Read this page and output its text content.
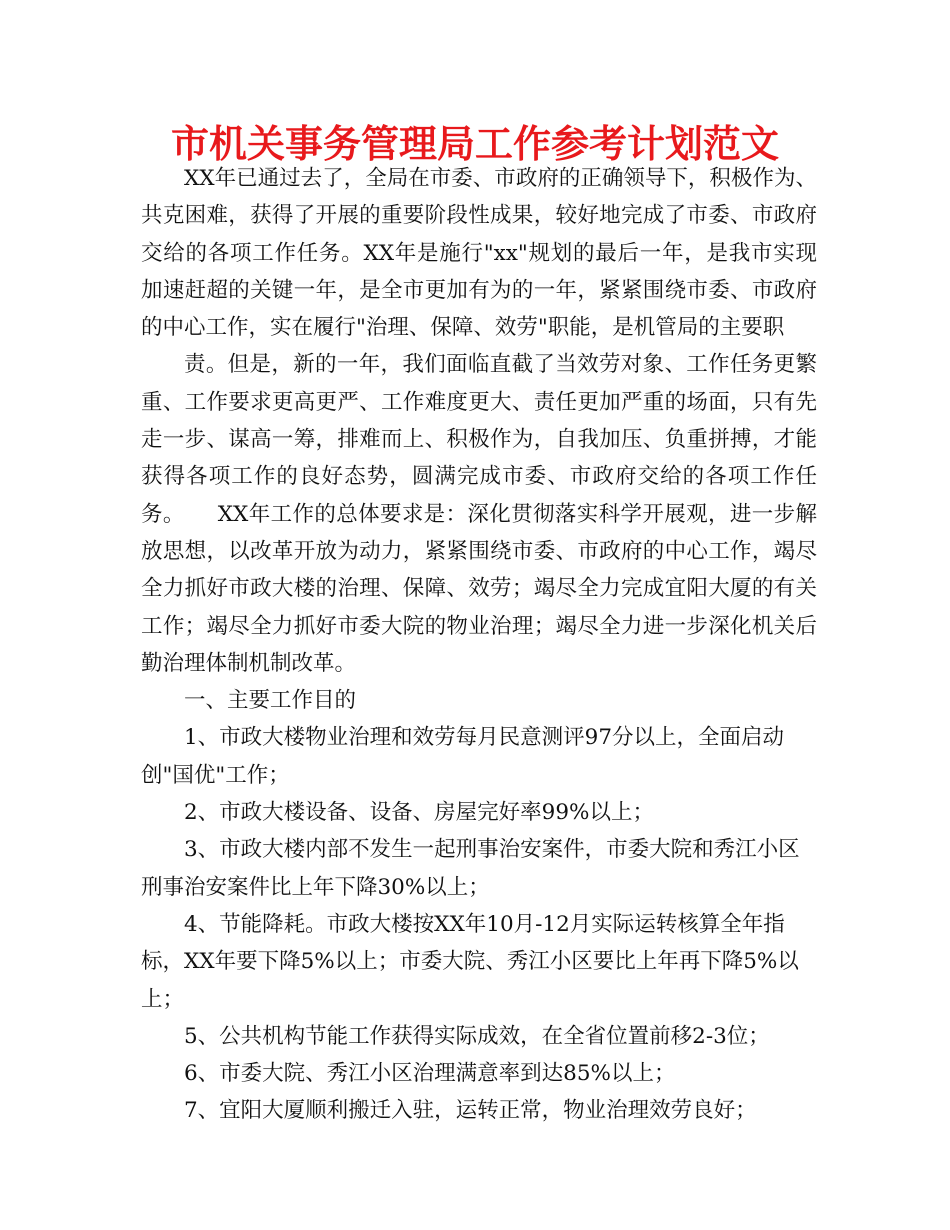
市机关事务管理局工作参考计划范文

XX年已通过去了，全局在市委、市政府的正确领导下，积极作为、共克困难，获得了开展的重要阶段性成果，较好地完成了市委、市政府交给的各项工作任务。XX年是施行"xx"规划的最后一年，是我市实现加速赶超的关键一年，是全市更加有为的一年，紧紧围绕市委、市政府的中心工作，实在履行"治理、保障、效劳"职能，是机管局的主要职

责。但是，新的一年，我们面临直截了当效劳对象、工作任务更繁重、工作要求更高更严、工作难度更大、责任更加严重的场面，只有先走一步、谋高一筹，排难而上、积极作为，自我加压、负重拼搏，才能获得各项工作的良好态势，圆满完成市委、市政府交给的各项工作任务。　　XX年工作的总体要求是：深化贯彻落实科学开展观，进一步解放思想，以改革开放为动力，紧紧围绕市委、市政府的中心工作，竭尽全力抓好市政大楼的治理、保障、效劳；竭尽全力完成宜阳大厦的有关工作；竭尽全力抓好市委大院的物业治理；竭尽全力进一步深化机关后勤治理体制机制改革。

一、主要工作目的

1、市政大楼物业治理和效劳每月民意测评97分以上，全面启动创"国优"工作；

2、市政大楼设备、设备、房屋完好率99%以上；

3、市政大楼内部不发生一起刑事治安案件，市委大院和秀江小区刑事治安案件比上年下降30%以上；

4、节能降耗。市政大楼按XX年10月-12月实际运转核算全年指标，XX年要下降5%以上；市委大院、秀江小区要比上年再下降5%以上；

5、公共机构节能工作获得实际成效，在全省位置前移2-3位；

6、市委大院、秀江小区治理满意率到达85%以上；

7、宜阳大厦顺利搬迁入驻，运转正常，物业治理效劳良好；
